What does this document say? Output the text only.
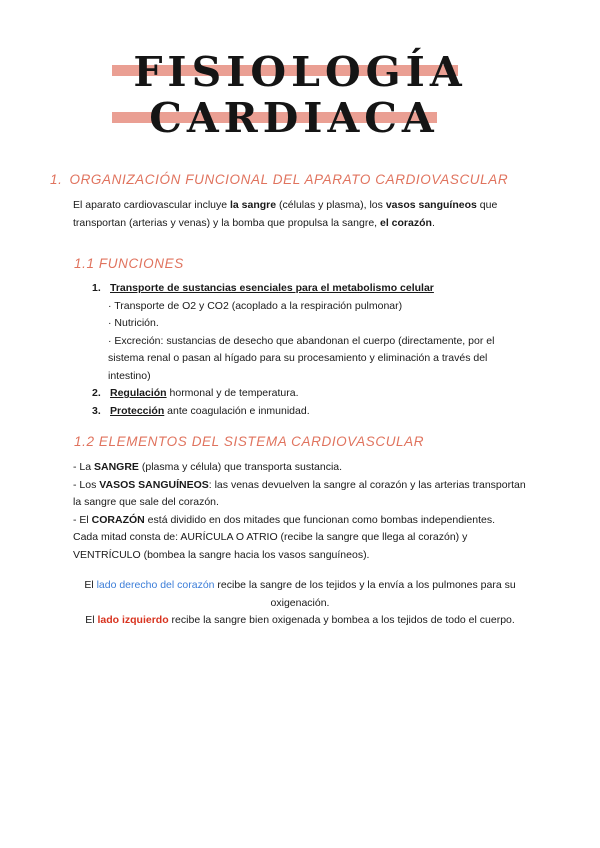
FISIOLOGÍA
CARDIACA
1. ORGANIZACIÓN FUNCIONAL DEL APARATO CARDIOVASCULAR
El aparato cardiovascular incluye la sangre (células y plasma), los vasos sanguíneos que
transportan (arterias y venas) y la bomba que propulsa la sangre, el corazón.
1.1 FUNCIONES
1. Transporte de sustancias esenciales para el metabolismo celular
· Transporte de O2 y CO2 (acoplado a la respiración pulmonar)
· Nutrición.
· Excreción: sustancias de desecho que abandonan el cuerpo (directamente, por el
sistema renal o pasan al hígado para su procesamiento y eliminación a través del
intestino)
2. Regulación hormonal y de temperatura.
3. Protección ante coagulación e inmunidad.
1.2 ELEMENTOS DEL SISTEMA CARDIOVASCULAR
- La SANGRE (plasma y célula) que transporta sustancia.
- Los VASOS SANGUÍNEOS: las venas devuelven la sangre al corazón y las arterias transportan
la sangre que sale del corazón.
- El CORAZÓN está dividido en dos mitades que funcionan como bombas independientes.
Cada mitad consta de: AURÍCULA O ATRIO (recibe la sangre que llega al corazón) y
VENTRÍCULO (bombea la sangre hacia los vasos sanguíneos).
El lado derecho del corazón recibe la sangre de los tejidos y la envía a los pulmones para su
oxigenación.
El lado izquierdo recibe la sangre bien oxigenada y bombea a los tejidos de todo el cuerpo.
